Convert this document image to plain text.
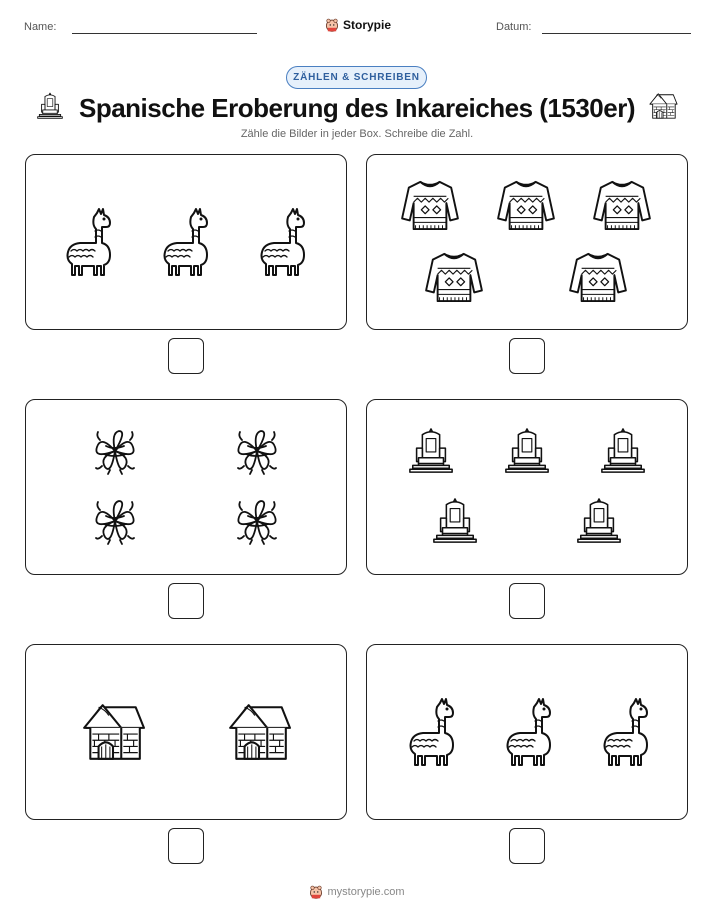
Name:	Storypie	Datum:
ZÄHLEN & SCHREIBEN
Spanische Eroberung des Inkareiches (1530er)
Zähle die Bilder in jeder Box. Schreibe die Zahl.
mystorypie.com
